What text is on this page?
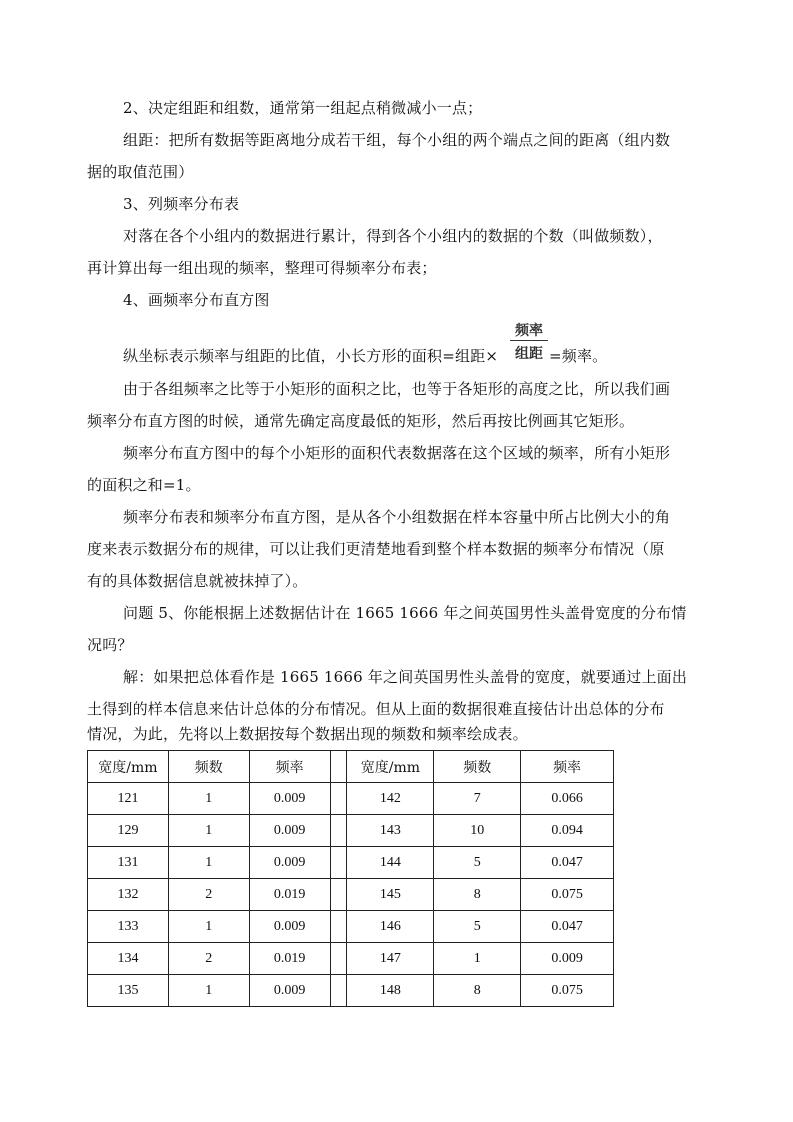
2、决定组距和组数，通常第一组起点稍微减小一点；
组距：把所有数据等距离地分成若干组，每个小组的两个端点之间的距离（组内数
据的取值范围）
3、列频率分布表
对落在各个小组内的数据进行累计，得到各个小组内的数据的个数（叫做频数），
再计算出每一组出现的频率，整理可得频率分布表；
4、画频率分布直方图
纵坐标表示频率与组距的比值，小长方形的面积=组距×
频率
组距 =频率。
由于各组频率之比等于小矩形的面积之比，也等于各矩形的高度之比，所以我们画
频率分布直方图的时候，通常先确定高度最低的矩形，然后再按比例画其它矩形。
频率分布直方图中的每个小矩形的面积代表数据落在这个区域的频率，所有小矩形
的面积之和=1。
频率分布表和频率分布直方图，是从各个小组数据在样本容量中所占比例大小的角
度来表示数据分布的规律，可以让我们更清楚地看到整个样本数据的频率分布情况（原
有的具体数据信息就被抹掉了）。
问题 5、你能根据上述数据估计在 1665 1666 年之间英国男性头盖骨宽度的分布情
况吗？
解：如果把总体看作是 1665 1666 年之间英国男性头盖骨的宽度，就要通过上面出
土得到的样本信息来估计总体的分布情况。但从上面的数据很难直接估计出总体的分布
情况，为此，先将以上数据按每个数据出现的频数和频率绘成表。
宽度/mm	频数	频率		宽度/mm	频数	频率
121	1	0.009		142	7	0.066
129	1	0.009		143	10	0.094
131	1	0.009		144	5	0.047
132	2	0.019		145	8	0.075
133	1	0.009		146	5	0.047
134	2	0.019		147	1	0.009
135	1	0.009		148	8	0.075
